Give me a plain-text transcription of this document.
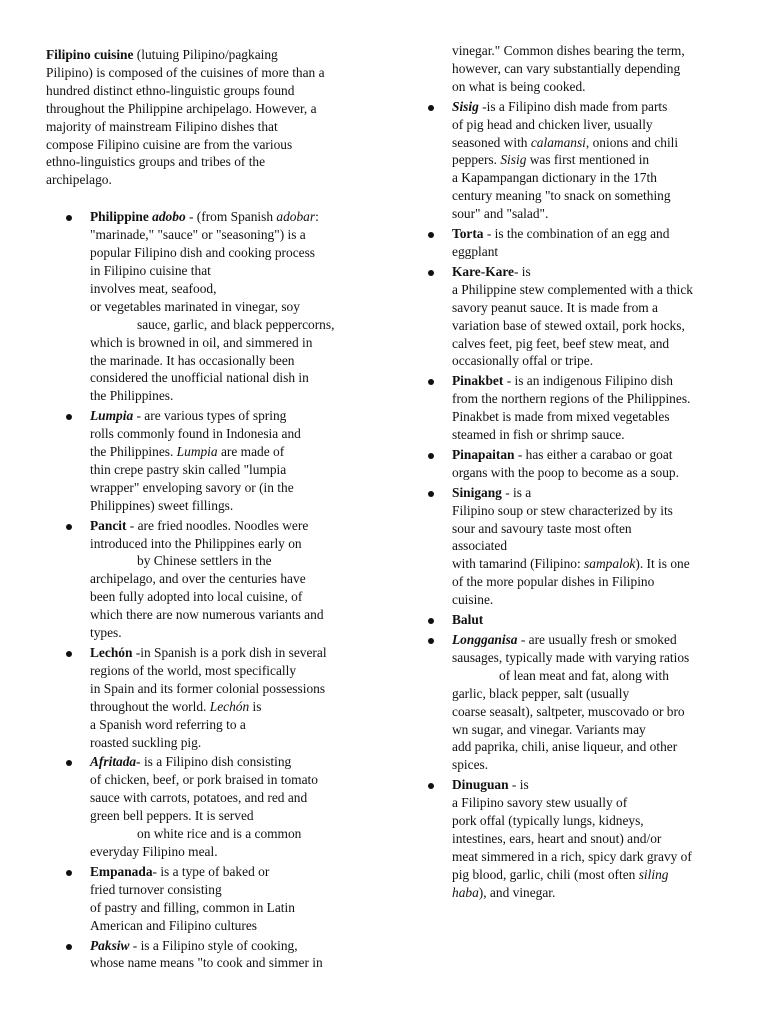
Filipino cuisine (lutuing Pilipino/pagkaing
Pilipino) is composed of the cuisines of more than a
hundred distinct ethno-linguistic groups found
throughout the Philippine archipelago. However, a
majority of mainstream Filipino dishes that
compose Filipino cuisine are from the various
ethno-linguistics groups and tribes of the
archipelago.

Philippine adobo - (from Spanish adobar:
"marinade," "sauce" or "seasoning") is a
popular Filipino dish and cooking process
in Filipino cuisine that
involves meat, seafood,
or vegetables marinated in vinegar, soy
sauce, garlic, and black peppercorns,
which is browned in oil, and simmered in
the marinade. It has occasionally been
considered the unofficial national dish in
the Philippines.
Lumpia - are various types of spring
rolls commonly found in Indonesia and
the Philippines. Lumpia are made of
thin crepe pastry skin called "lumpia
wrapper" enveloping savory or (in the
Philippines) sweet fillings.
Pancit - are fried noodles. Noodles were
introduced into the Philippines early on
by Chinese settlers in the
archipelago, and over the centuries have
been fully adopted into local cuisine, of
which there are now numerous variants and
types.
Lechón -in Spanish is a pork dish in several
regions of the world, most specifically
in Spain and its former colonial possessions
throughout the world. Lechón is
a Spanish word referring to a
roasted suckling pig.
Afritada- is a Filipino dish consisting
of chicken, beef, or pork braised in tomato
sauce with carrots, potatoes, and red and
green bell peppers. It is served
on white rice and is a common
everyday Filipino meal.
Empanada- is a type of baked or
fried turnover consisting
of pastry and filling, common in Latin
American and Filipino cultures
Paksiw - is a Filipino style of cooking,
whose name means "to cook and simmer in

vinegar." Common dishes bearing the term,
however, can vary substantially depending
on what is being cooked.

Sisig -is a Filipino dish made from parts
of pig head and chicken liver, usually
seasoned with calamansi, onions and chili
peppers. Sisig was first mentioned in
a Kapampangan dictionary in the 17th
century meaning "to snack on something
sour" and "salad".
Torta - is the combination of an egg and
eggplant
Kare-Kare- is
a Philippine stew complemented with a thick
savory peanut sauce. It is made from a
variation base of stewed oxtail, pork hocks,
calves feet, pig feet, beef stew meat, and
occasionally offal or tripe.
Pinakbet - is an indigenous Filipino dish
from the northern regions of the Philippines.
Pinakbet is made from mixed vegetables
steamed in fish or shrimp sauce.
Pinapaitan - has either a carabao or goat
organs with the poop to become as a soup.
Sinigang - is a
Filipino soup or stew characterized by its
sour and savoury taste most often
associated
with tamarind (Filipino: sampalok). It is one
of the more popular dishes in Filipino
cuisine.
Balut
Longganisa - are usually fresh or smoked
sausages, typically made with varying ratios
of lean meat and fat, along with
garlic, black pepper, salt (usually
coarse seasalt), saltpeter, muscovado or bro
wn sugar, and vinegar. Variants may
add paprika, chili, anise liqueur, and other
spices.
Dinuguan - is
a Filipino savory stew usually of
pork offal (typically lungs, kidneys,
intestines, ears, heart and snout) and/or
meat simmered in a rich, spicy dark gravy of
pig blood, garlic, chili (most often siling
haba), and vinegar.
